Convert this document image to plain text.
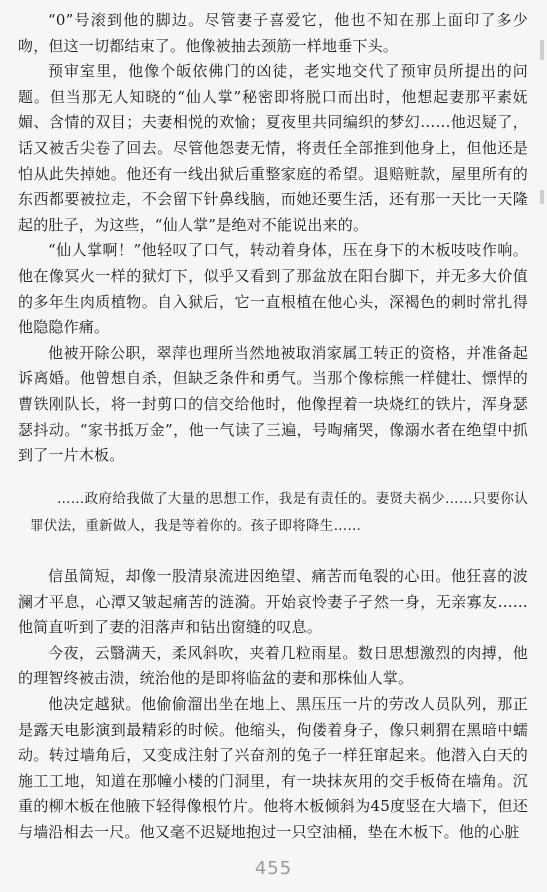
“0”号滚到他的脚边。尽管妻子喜爱它，他也不知在那上面印了多少吻，但这一切都结束了。他像被抽去颈筋一样地垂下头。

预审室里，他像个皈依佛门的凶徒，老实地交代了预审员所提出的问题。但当那无人知晓的“仙人掌”秘密即将脱口而出时，他想起妻那平素妩媚、含情的双目；夫妻相悦的欢愉；夏夜里共同编织的梦幻……他迟疑了，话又被舌尖卷了回去。尽管他怨妻无情，将责任全部推到他身上，但他还是怕从此失掉她。他还有一线出狱后重整家庭的希望。退赔赃款，屋里所有的东西都要被拉走，不会留下针鼻线脑，而她还要生活，还有那一天比一天隆起的肚子，为这些，“仙人掌”是绝对不能说出来的。

“仙人掌啊！”他轻叹了口气，转动着身体，压在身下的木板吱吱作响。他在像冥火一样的狱灯下，似乎又看到了那盆放在阳台脚下，并无多大价值的多年生肉质植物。自入狱后，它一直根植在他心头，深褐色的刺时常扎得他隐隐作痛。

他被开除公职，翠萍也理所当然地被取消家属工转正的资格，并准备起诉离婚。他曾想自杀，但缺乏条件和勇气。当那个像棕熊一样健壮、慓悍的曹铁刚队长，将一封剪口的信交给他时，他像捏着一块烧红的铁片，浑身瑟瑟抖动。“家书抵万金”，他一气读了三遍，号啕痛哭，像溺水者在绝望中抓到了一片木板。

……政府给我做了大量的思想工作，我是有责任的。妻贤夫祸少……只要你认罪伏法，重新做人，我是等着你的。孩子即将降生……

信虽简短，却像一股清泉流进因绝望、痛苦而龟裂的心田。他狂喜的波澜才平息，心潭又皱起痛苦的涟漪。开始哀怜妻子孑然一身，无亲寡友……他简直听到了妻的泪落声和钻出窗缝的叹息。

今夜，云翳满天，柔风斜吹，夹着几粒雨星。数日思想激烈的肉搏，他的理智终被击溃，统治他的是即将临盆的妻和那株仙人掌。

他决定越狱。他偷偷溜出坐在地上、黑压压一片的劳改人员队列，那正是露天电影演到最精彩的时候。他缩头，佝偻着身子，像只刺猬在黑暗中蠕动。转过墙角后，又变成注射了兴奋剂的兔子一样狂窜起来。他潜入白天的施工工地，知道在那幢小楼的门洞里，有一块抹灰用的交手板倚在墙角。沉重的柳木板在他腋下轻得像根竹片。他将木板倾斜为45度竖在大墙下，但还与墙沿相去一尺。他又毫不迟疑地抱过一只空油桶，垫在木板下。他的心脏

455
